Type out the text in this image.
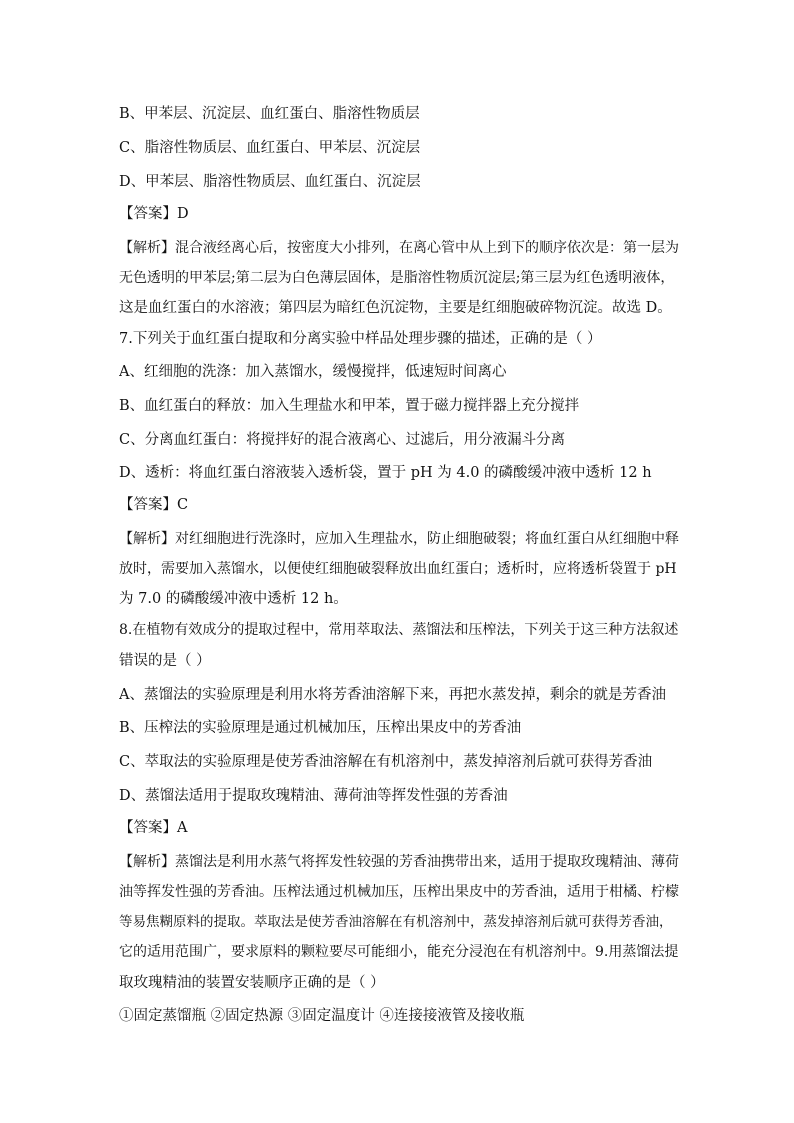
B、甲苯层、沉淀层、血红蛋白、脂溶性物质层
C、脂溶性物质层、血红蛋白、甲苯层、沉淀层
D、甲苯层、脂溶性物质层、血红蛋白、沉淀层
【答案】D
【解析】混合液经离心后，按密度大小排列，在离心管中从上到下的顺序依次是：第一层为
无色透明的甲苯层;第二层为白色薄层固体，是脂溶性物质沉淀层;第三层为红色透明液体，
这是血红蛋白的水溶液；第四层为暗红色沉淀物，主要是红细胞破碎物沉淀。故选 D。
7.下列关于血红蛋白提取和分离实验中样品处理步骤的描述，正确的是（ ）
A、红细胞的洗涤：加入蒸馏水，缓慢搅拌，低速短时间离心
B、血红蛋白的释放：加入生理盐水和甲苯，置于磁力搅拌器上充分搅拌
C、分离血红蛋白：将搅拌好的混合液离心、过滤后，用分液漏斗分离
D、透析：将血红蛋白溶液装入透析袋，置于 pH 为 4.0 的磷酸缓冲液中透析 12 h
【答案】C
【解析】对红细胞进行洗涤时，应加入生理盐水，防止细胞破裂；将血红蛋白从红细胞中释
放时，需要加入蒸馏水，以便使红细胞破裂释放出血红蛋白；透析时，应将透析袋置于 pH
为 7.0 的磷酸缓冲液中透析 12 h。
8.在植物有效成分的提取过程中，常用萃取法、蒸馏法和压榨法，下列关于这三种方法叙述
错误的是（ ）
A、蒸馏法的实验原理是利用水将芳香油溶解下来，再把水蒸发掉，剩余的就是芳香油
B、压榨法的实验原理是通过机械加压，压榨出果皮中的芳香油
C、萃取法的实验原理是使芳香油溶解在有机溶剂中，蒸发掉溶剂后就可获得芳香油
D、蒸馏法适用于提取玫瑰精油、薄荷油等挥发性强的芳香油
【答案】A
【解析】蒸馏法是利用水蒸气将挥发性较强的芳香油携带出来，适用于提取玫瑰精油、薄荷
油等挥发性强的芳香油。压榨法通过机械加压，压榨出果皮中的芳香油，适用于柑橘、柠檬
等易焦糊原料的提取。萃取法是使芳香油溶解在有机溶剂中，蒸发掉溶剂后就可获得芳香油，
它的适用范围广，要求原料的颗粒要尽可能细小，能充分浸泡在有机溶剂中。9.用蒸馏法提
取玫瑰精油的装置安装顺序正确的是（ ）
①固定蒸馏瓶 ②固定热源 ③固定温度计 ④连接接液管及接收瓶
